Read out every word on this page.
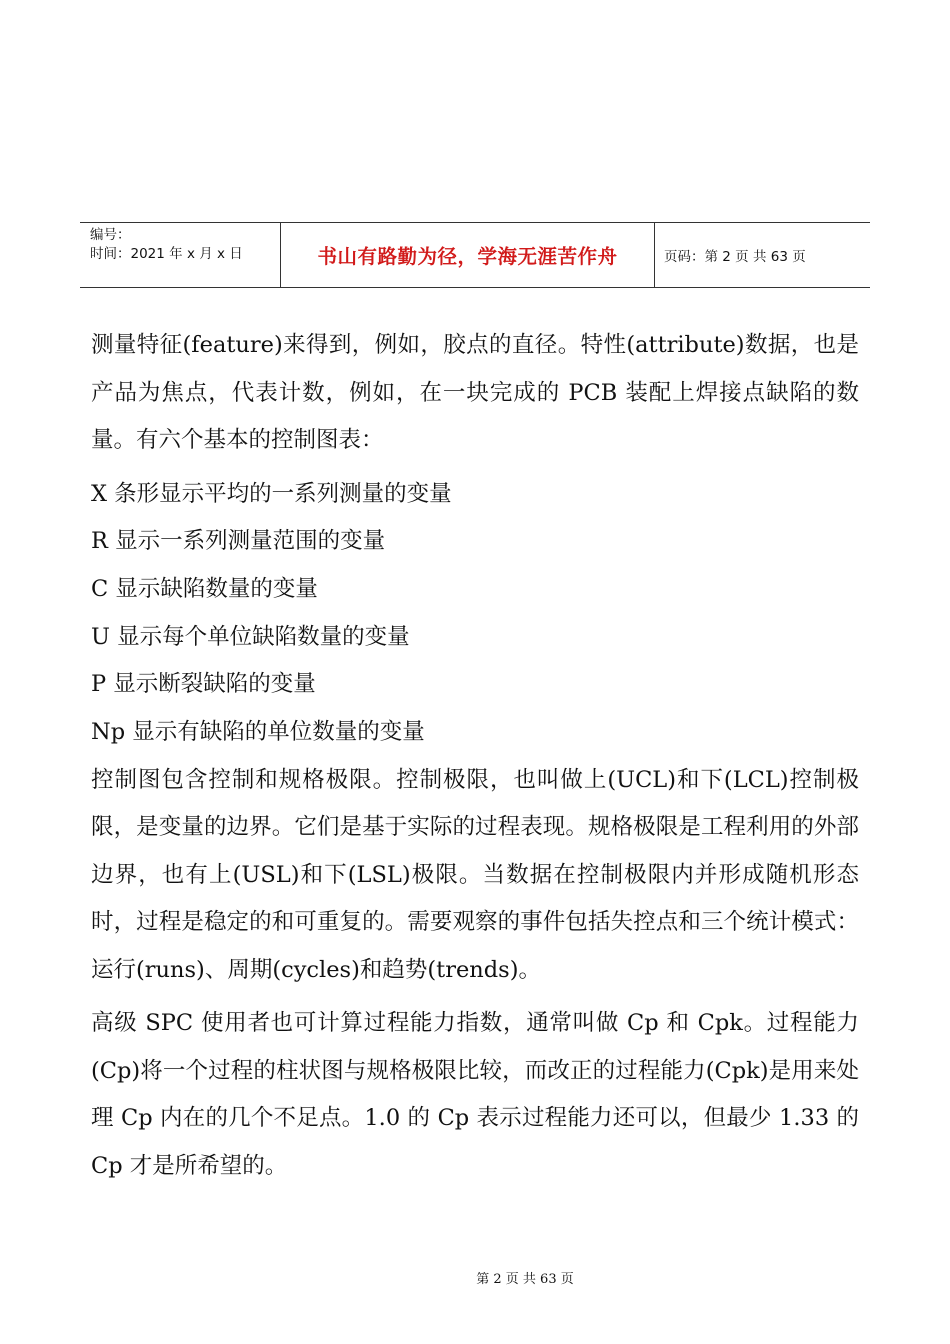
编号：
时间：2021 年 x 月 x 日	书山有路勤为径，学海无涯苦作舟	页码：第 2 页 共 63 页

测量特征(feature)来得到，例如，胶点的直径。特性(attribute)数据，也是产品为焦点，代表计数，例如，在一块完成的 PCB 装配上焊接点缺陷的数量。有六个基本的控制图表：

X 条形显示平均的一系列测量的变量

R 显示一系列测量范围的变量

C 显示缺陷数量的变量

U 显示每个单位缺陷数量的变量

P 显示断裂缺陷的变量

Np 显示有缺陷的单位数量的变量

控制图包含控制和规格极限。控制极限，也叫做上(UCL)和下(LCL)控制极限，是变量的边界。它们是基于实际的过程表现。规格极限是工程利用的外部边界，也有上(USL)和下(LSL)极限。当数据在控制极限内并形成随机形态时，过程是稳定的和可重复的。需要观察的事件包括失控点和三个统计模式：运行(runs)、周期(cycles)和趋势(trends)。

高级 SPC 使用者也可计算过程能力指数，通常叫做 Cp 和 Cpk。过程能力(Cp)将一个过程的柱状图与规格极限比较，而改正的过程能力(Cpk)是用来处理 Cp 内在的几个不足点。1.0 的 Cp 表示过程能力还可以，但最少 1.33 的 Cp 才是所希望的。

第 2 页 共 63 页
